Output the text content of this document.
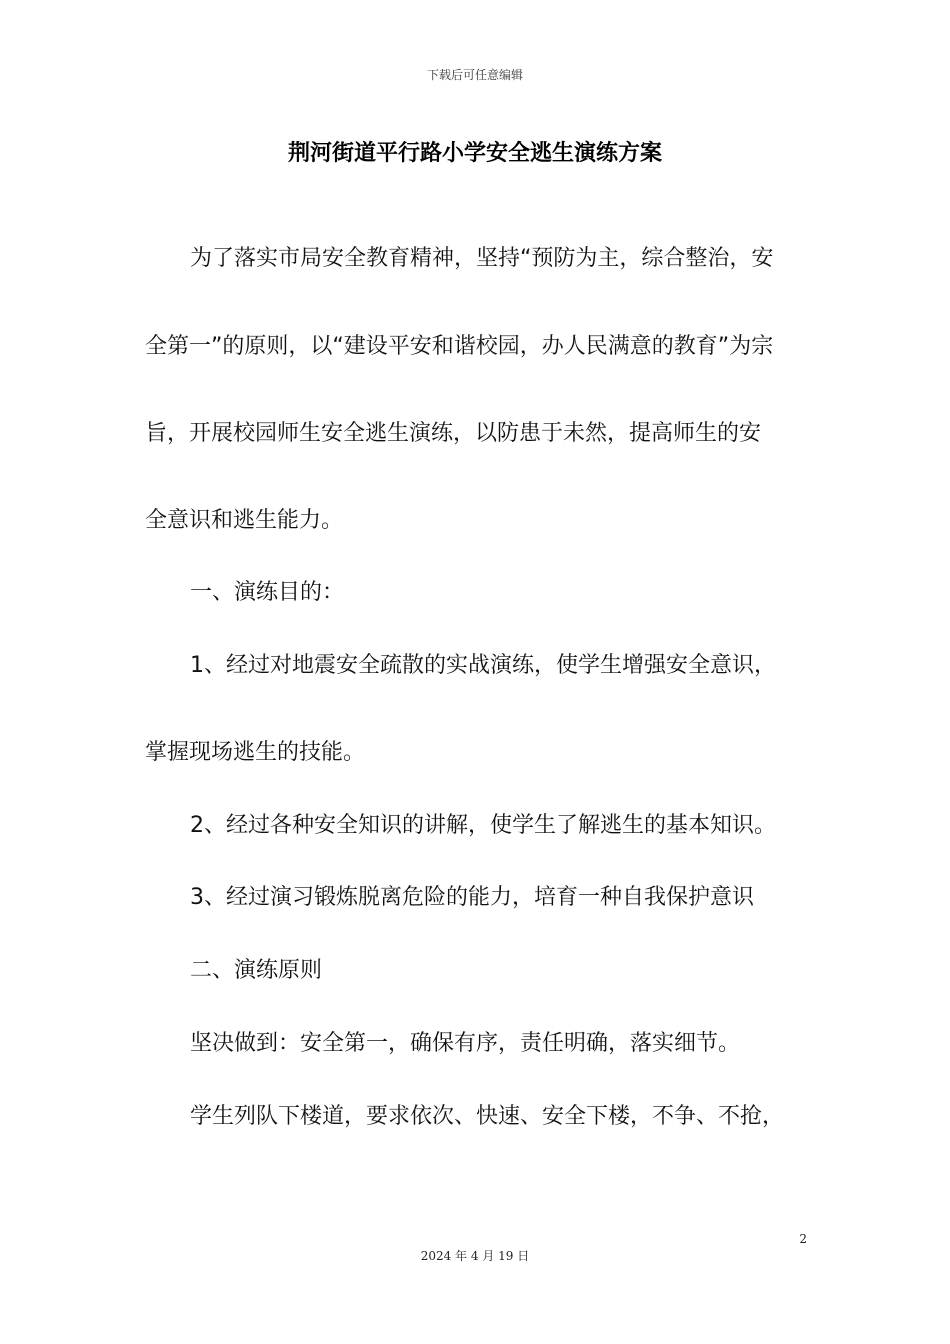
下载后可任意编辑
荆河街道平行路小学安全逃生演练方案
为了落实市局安全教育精神，坚持“预防为主，综合整治，安
全第一”的原则，以“建设平安和谐校园，办人民满意的教育”为宗
旨，开展校园师生安全逃生演练，以防患于未然，提高师生的安
全意识和逃生能力。
一、演练目的：
1、经过对地震安全疏散的实战演练，使学生增强安全意识，
掌握现场逃生的技能。
2、经过各种安全知识的讲解，使学生了解逃生的基本知识。
3、经过演习锻炼脱离危险的能力，培育一种自我保护意识
二、演练原则
坚决做到：安全第一，确保有序，责任明确，落实细节。
学生列队下楼道，要求依次、快速、安全下楼，不争、不抢，
2
2024 年 4 月 19 日
